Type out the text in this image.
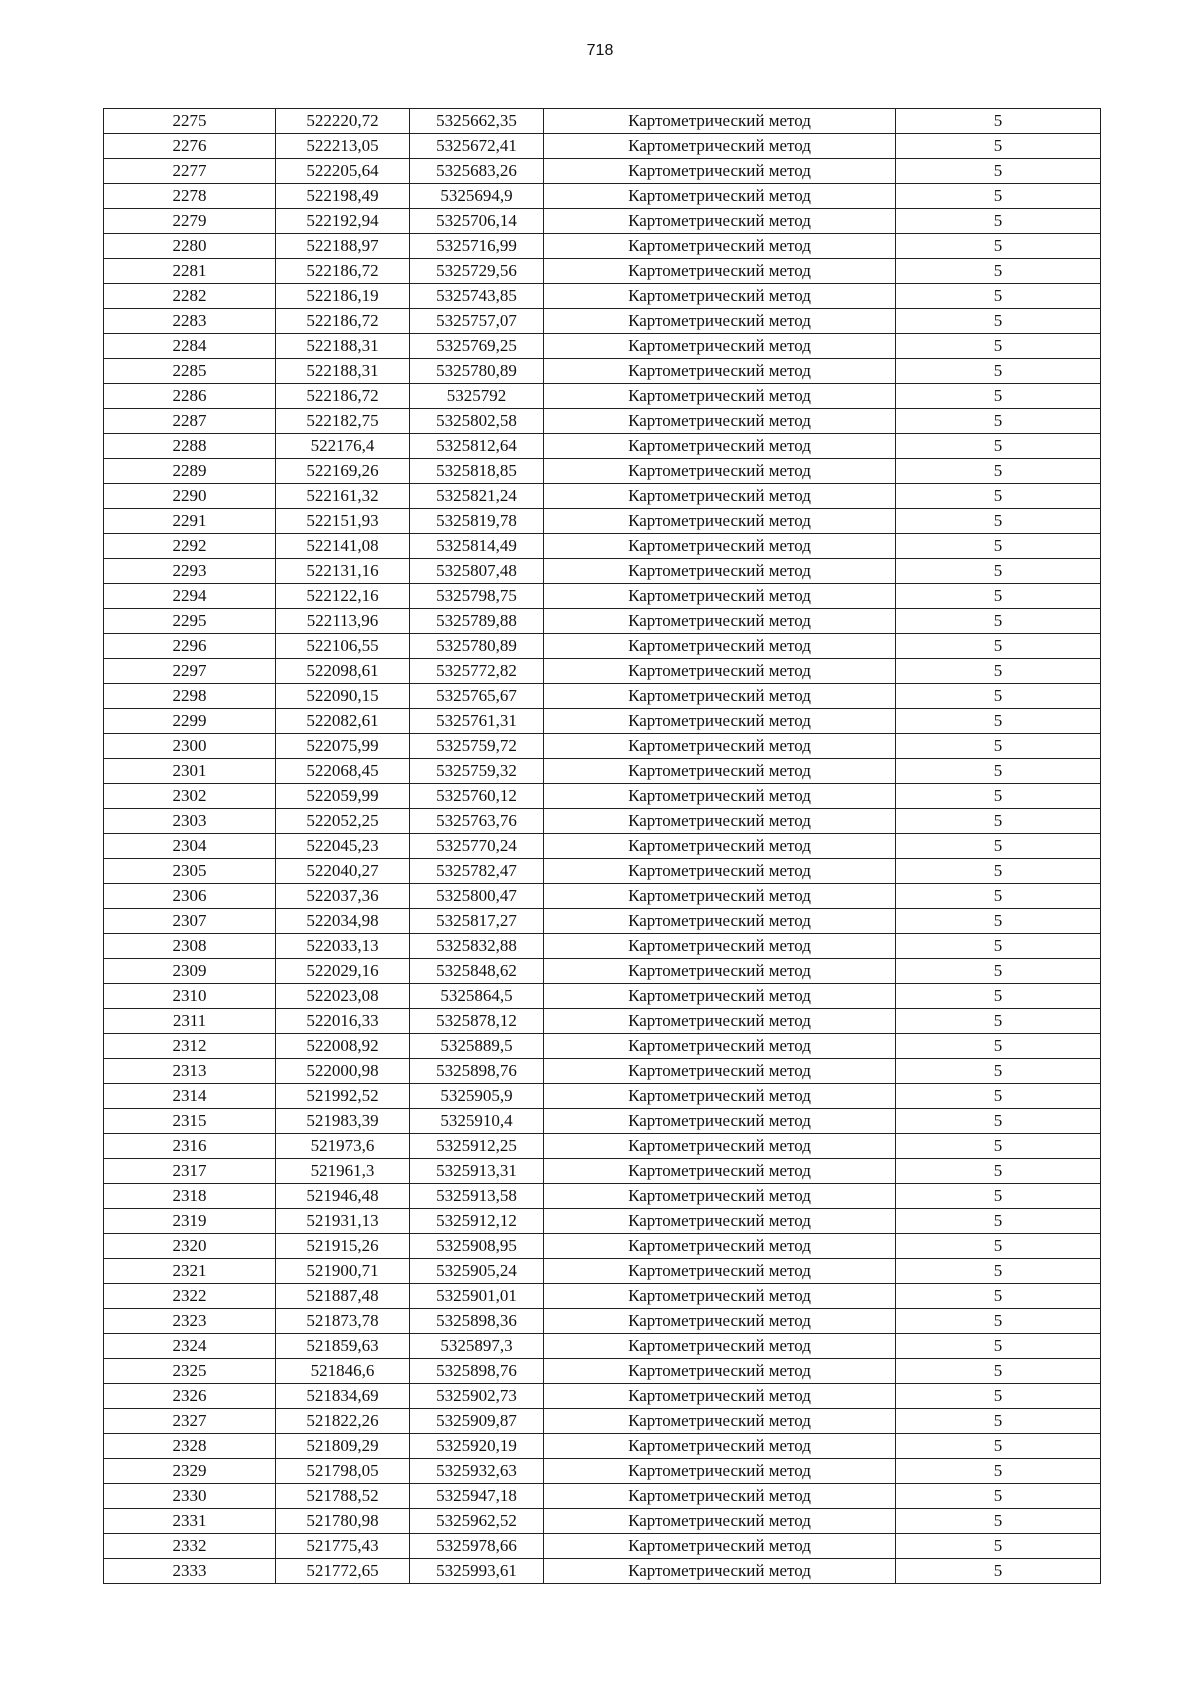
718
2275	522220,72	5325662,35	Картометрический метод	5
2276	522213,05	5325672,41	Картометрический метод	5
2277	522205,64	5325683,26	Картометрический метод	5
2278	522198,49	5325694,9	Картометрический метод	5
2279	522192,94	5325706,14	Картометрический метод	5
2280	522188,97	5325716,99	Картометрический метод	5
2281	522186,72	5325729,56	Картометрический метод	5
2282	522186,19	5325743,85	Картометрический метод	5
2283	522186,72	5325757,07	Картометрический метод	5
2284	522188,31	5325769,25	Картометрический метод	5
2285	522188,31	5325780,89	Картометрический метод	5
2286	522186,72	5325792	Картометрический метод	5
2287	522182,75	5325802,58	Картометрический метод	5
2288	522176,4	5325812,64	Картометрический метод	5
2289	522169,26	5325818,85	Картометрический метод	5
2290	522161,32	5325821,24	Картометрический метод	5
2291	522151,93	5325819,78	Картометрический метод	5
2292	522141,08	5325814,49	Картометрический метод	5
2293	522131,16	5325807,48	Картометрический метод	5
2294	522122,16	5325798,75	Картометрический метод	5
2295	522113,96	5325789,88	Картометрический метод	5
2296	522106,55	5325780,89	Картометрический метод	5
2297	522098,61	5325772,82	Картометрический метод	5
2298	522090,15	5325765,67	Картометрический метод	5
2299	522082,61	5325761,31	Картометрический метод	5
2300	522075,99	5325759,72	Картометрический метод	5
2301	522068,45	5325759,32	Картометрический метод	5
2302	522059,99	5325760,12	Картометрический метод	5
2303	522052,25	5325763,76	Картометрический метод	5
2304	522045,23	5325770,24	Картометрический метод	5
2305	522040,27	5325782,47	Картометрический метод	5
2306	522037,36	5325800,47	Картометрический метод	5
2307	522034,98	5325817,27	Картометрический метод	5
2308	522033,13	5325832,88	Картометрический метод	5
2309	522029,16	5325848,62	Картометрический метод	5
2310	522023,08	5325864,5	Картометрический метод	5
2311	522016,33	5325878,12	Картометрический метод	5
2312	522008,92	5325889,5	Картометрический метод	5
2313	522000,98	5325898,76	Картометрический метод	5
2314	521992,52	5325905,9	Картометрический метод	5
2315	521983,39	5325910,4	Картометрический метод	5
2316	521973,6	5325912,25	Картометрический метод	5
2317	521961,3	5325913,31	Картометрический метод	5
2318	521946,48	5325913,58	Картометрический метод	5
2319	521931,13	5325912,12	Картометрический метод	5
2320	521915,26	5325908,95	Картометрический метод	5
2321	521900,71	5325905,24	Картометрический метод	5
2322	521887,48	5325901,01	Картометрический метод	5
2323	521873,78	5325898,36	Картометрический метод	5
2324	521859,63	5325897,3	Картометрический метод	5
2325	521846,6	5325898,76	Картометрический метод	5
2326	521834,69	5325902,73	Картометрический метод	5
2327	521822,26	5325909,87	Картометрический метод	5
2328	521809,29	5325920,19	Картометрический метод	5
2329	521798,05	5325932,63	Картометрический метод	5
2330	521788,52	5325947,18	Картометрический метод	5
2331	521780,98	5325962,52	Картометрический метод	5
2332	521775,43	5325978,66	Картометрический метод	5
2333	521772,65	5325993,61	Картометрический метод	5
